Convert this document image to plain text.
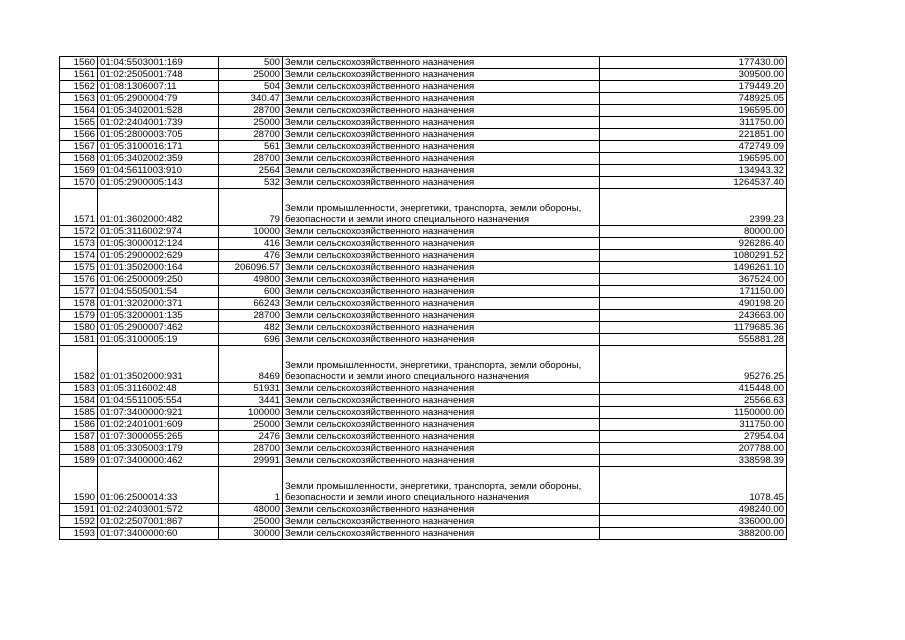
1560	01:04:5503001:169	500	Земли сельскохозяйственного назначения	177430.00
1561	01:02:2505001:748	25000	Земли сельскохозяйственного назначения	309500.00
1562	01:08:1306007:11	504	Земли сельскохозяйственного назначения	179449.20
1563	01:05:2900004:79	340.47	Земли сельскохозяйственного назначения	748925.05
1564	01:05:3402001:528	28700	Земли сельскохозяйственного назначения	196595.00
1565	01:02:2404001:739	25000	Земли сельскохозяйственного назначения	311750.00
1566	01:05:2800003:705	28700	Земли сельскохозяйственного назначения	221851.00
1567	01:05:3100016:171	561	Земли сельскохозяйственного назначения	472749.09
1568	01:05:3402002:359	28700	Земли сельскохозяйственного назначения	196595.00
1569	01:04:5611003:910	2564	Земли сельскохозяйственного назначения	134943.32
1570	01:05:2900005:143	532	Земли сельскохозяйственного назначения	1264537.40
1571	01:01:3602000:482	79	Земли промышленности, энергетики, транспорта, земли обороны, безопасности и земли иного специального назначения	2399.23
1572	01:05:3116002:974	10000	Земли сельскохозяйственного назначения	80000.00
1573	01:05:3000012:124	416	Земли сельскохозяйственного назначения	926286.40
1574	01:05:2900002:629	476	Земли сельскохозяйственного назначения	1080291.52
1575	01:01:3502000:164	206096.57	Земли сельскохозяйственного назначения	1496261.10
1576	01:06:2500009:250	49800	Земли сельскохозяйственного назначения	367524.00
1577	01:04:5505001:54	600	Земли сельскохозяйственного назначения	171150.00
1578	01:01:3202000:371	66243	Земли сельскохозяйственного назначения	490198.20
1579	01:05:3200001:135	28700	Земли сельскохозяйственного назначения	243663.00
1580	01:05:2900007:462	482	Земли сельскохозяйственного назначения	1179685.36
1581	01:05:3100005:19	696	Земли сельскохозяйственного назначения	555881.28
1582	01:01:3502000:931	8469	Земли промышленности, энергетики, транспорта, земли обороны, безопасности и земли иного специального назначения	95276.25
1583	01:05:3116002:48	51931	Земли сельскохозяйственного назначения	415448.00
1584	01:04:5511005:554	3441	Земли сельскохозяйственного назначения	25566.63
1585	01:07:3400000:921	100000	Земли сельскохозяйственного назначения	1150000.00
1586	01:02:2401001:609	25000	Земли сельскохозяйственного назначения	311750.00
1587	01:07:3000055:265	2476	Земли сельскохозяйственного назначения	27954.04
1588	01:05:3305003:179	28700	Земли сельскохозяйственного назначения	207788.00
1589	01:07:3400000:462	29991	Земли сельскохозяйственного назначения	338598.39
1590	01:06:2500014:33	1	Земли промышленности, энергетики, транспорта, земли обороны, безопасности и земли иного специального назначения	1078.45
1591	01:02:2403001:572	48000	Земли сельскохозяйственного назначения	498240.00
1592	01:02:2507001:867	25000	Земли сельскохозяйственного назначения	336000.00
1593	01:07:3400000:60	30000	Земли сельскохозяйственного назначения	388200.00
